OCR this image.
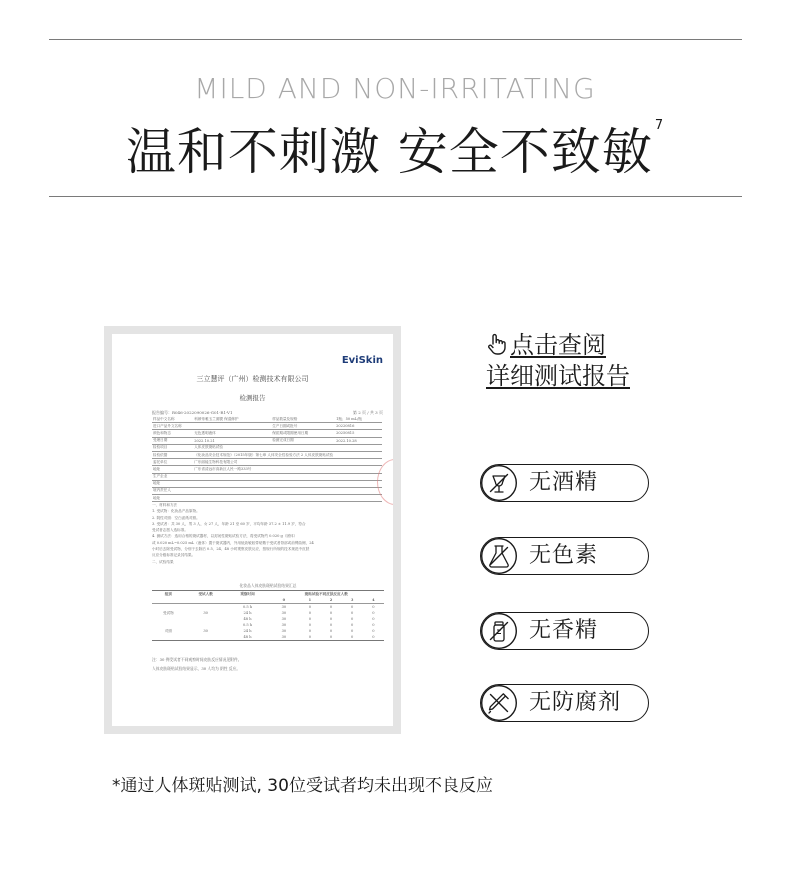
MILD AND NON-IRRITATING
温和不刺激 安全不致敏 $^7$
EviSkin
三立慧评（广州）检测技术有限公司
检测报告
第 2 页 / 共 3 页
报告编号：R046-2022090026-G01-R1-V1
样品中文名称	科颜蒂雅玉兰面膜 保湿修护	样品数量及规格	1瓶；50 mL/瓶
进口产品外文名称		生产日期或批号	20220816
颜色和物态	无色透明液体	保质期或限期使用日期	20250815
受理日期	2022.10.21	检测完成日期	2022.10.28
检验项目	人体皮肤斑贴试验		
检验依据	《化妆品安全技术规范》（2015年版）第七章 人体安全性检验方法 2 人体皮肤斑贴试验		
委托单位	广东丽能生物科技有限公司		
地址	广东省清远市高新区人民一路333号		
生产企业			
地址			
境内责任人			
地址			

一、材料和方法

1. 受试物：化妆品产品原物。

2. 阴性对照：空白滤纸对照。

3. 受试者：共 30 人，男 3 人，女 27 人，年龄 21 至 60 岁，平均年龄 37.2 ± 11.9 岁，符合

受试者志愿入选标准。

4. 测试方法：选用合格的斑试器材，以封闭性斑贴试验方法，将受试物约 0.020 g（固体）

或 0.020 mL~0.025 mL（液体）置于斑试器内，外用低致敏胶带贴敷于受试者背部或前臂曲侧，24

小时后去除受试物，分别于去除后 0.5、24、48 小时观察皮肤反应，按规行所规的技术规范中皮肤

反应分级标准记录其结果。

二、试验结果

化妆品人体皮肤斑贴试验结果汇总
组别	受试人数	观察时间	斑贴试验不同皮肤反应人数				
			0	1	2	3	4
		0.5 h	30	0	0	0	0
受试物	30	24 h	30	0	0	0	0
		48 h	30	0	0	0	0
		0.5 h	30	0	0	0	0
对照	30	24 h	30	0	0	0	0
		48 h	30	0	0	0	0

注：30 例受试者不同观察时间皮肤反应情况见附件。

人体皮肤斑贴试验结果显示，30 人均为 阴性 反应。

点击查阅
详细测试报告
无酒精
无色素
无香精
无防腐剂
*通过人体斑贴测试, 30位受试者均未出现不良反应
